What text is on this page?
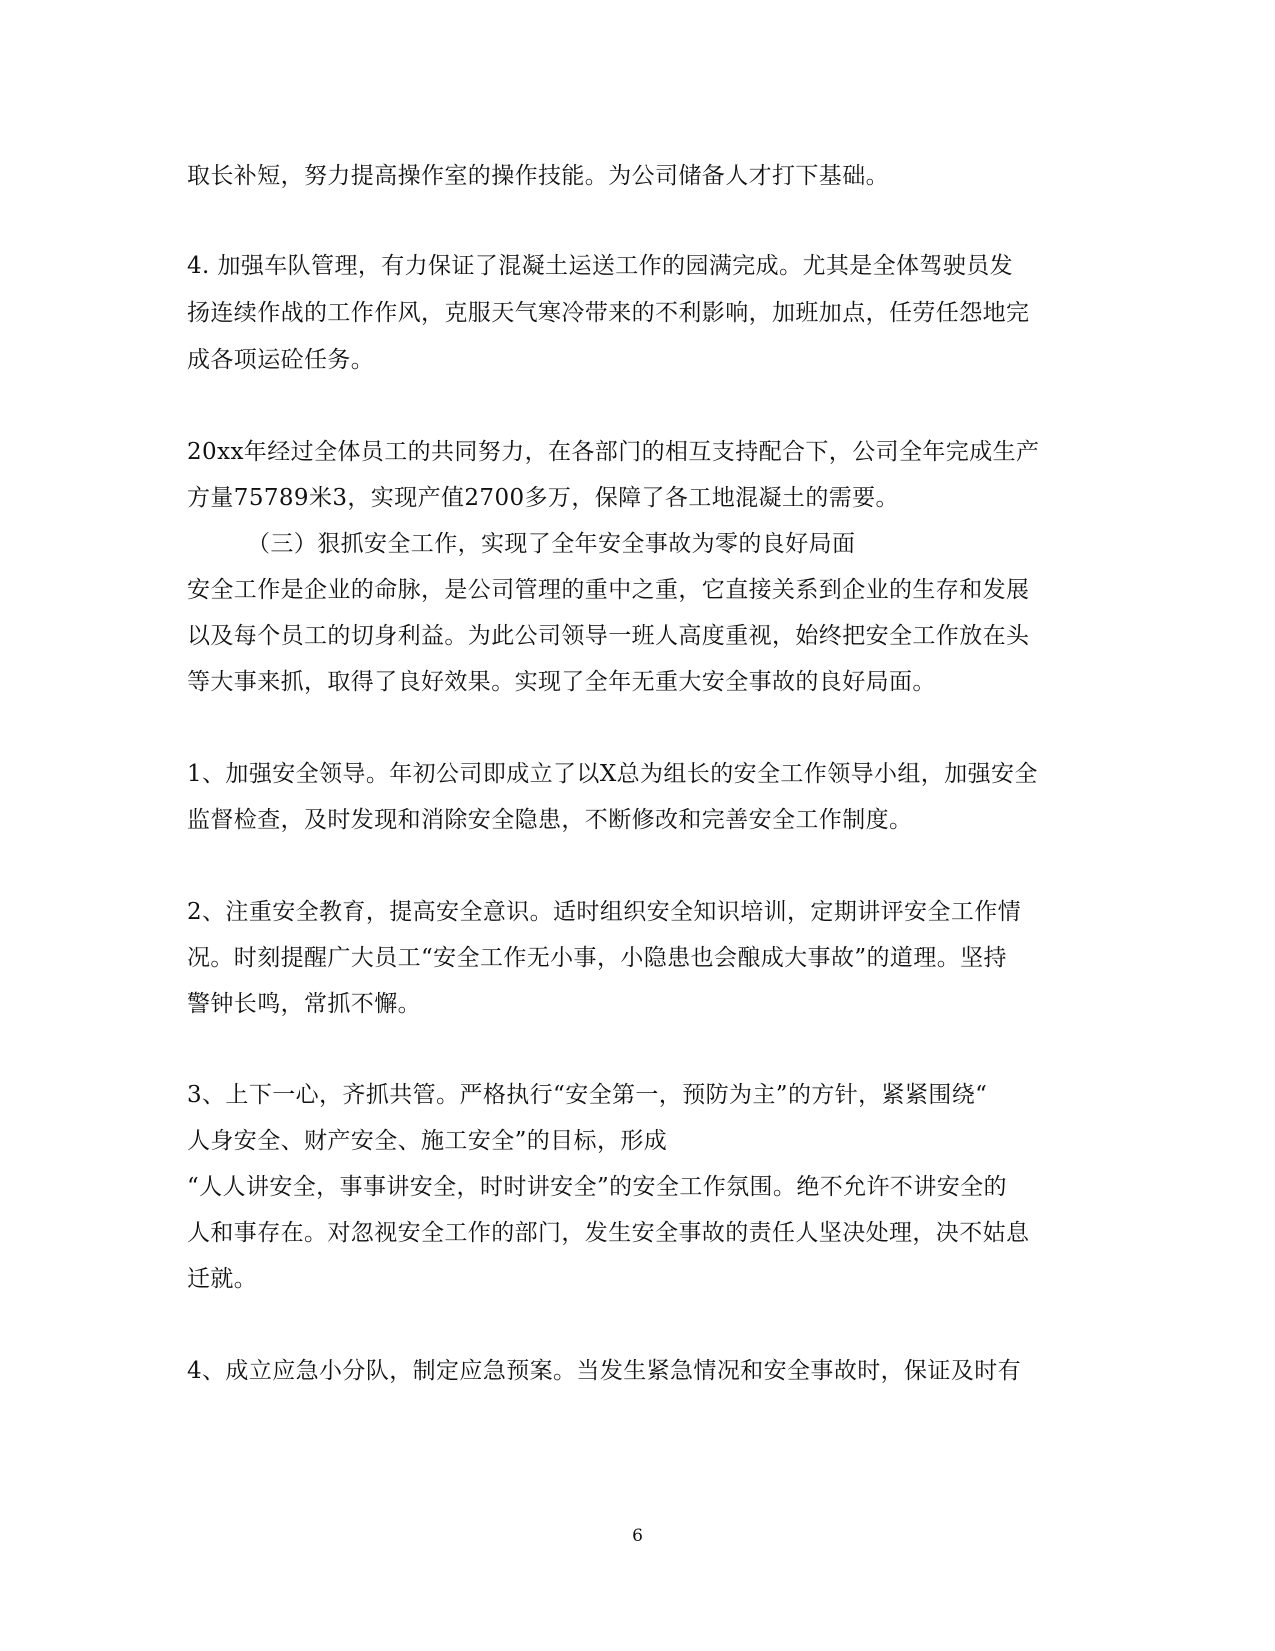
取长补短，努力提高操作室的操作技能。为公司储备人才打下基础。
4. 加强车队管理，有力保证了混凝土运送工作的园满完成。尤其是全体驾驶员发
扬连续作战的工作作风，克服天气寒冷带来的不利影响，加班加点，任劳任怨地完
成各项运砼任务。
20xx年经过全体员工的共同努力，在各部门的相互支持配合下，公司全年完成生产
方量75789米3，实现产值2700多万，保障了各工地混凝土的需要。
（三）狠抓安全工作，实现了全年安全事故为零的良好局面
安全工作是企业的命脉，是公司管理的重中之重，它直接关系到企业的生存和发展
以及每个员工的切身利益。为此公司领导一班人高度重视，始终把安全工作放在头
等大事来抓，取得了良好效果。实现了全年无重大安全事故的良好局面。
1、加强安全领导。年初公司即成立了以X总为组长的安全工作领导小组，加强安全
监督检查，及时发现和消除安全隐患，不断修改和完善安全工作制度。
2、注重安全教育，提高安全意识。适时组织安全知识培训，定期讲评安全工作情
况。时刻提醒广大员工“安全工作无小事，小隐患也会酿成大事故”的道理。坚持
警钟长鸣，常抓不懈。
3、上下一心，齐抓共管。严格执行“安全第一，预防为主”的方针，紧紧围绕“
人身安全、财产安全、施工安全”的目标，形成
“人人讲安全，事事讲安全，时时讲安全”的安全工作氛围。绝不允许不讲安全的
人和事存在。对忽视安全工作的部门，发生安全事故的责任人坚决处理，决不姑息
迁就。
4、成立应急小分队，制定应急预案。当发生紧急情况和安全事故时，保证及时有
6
